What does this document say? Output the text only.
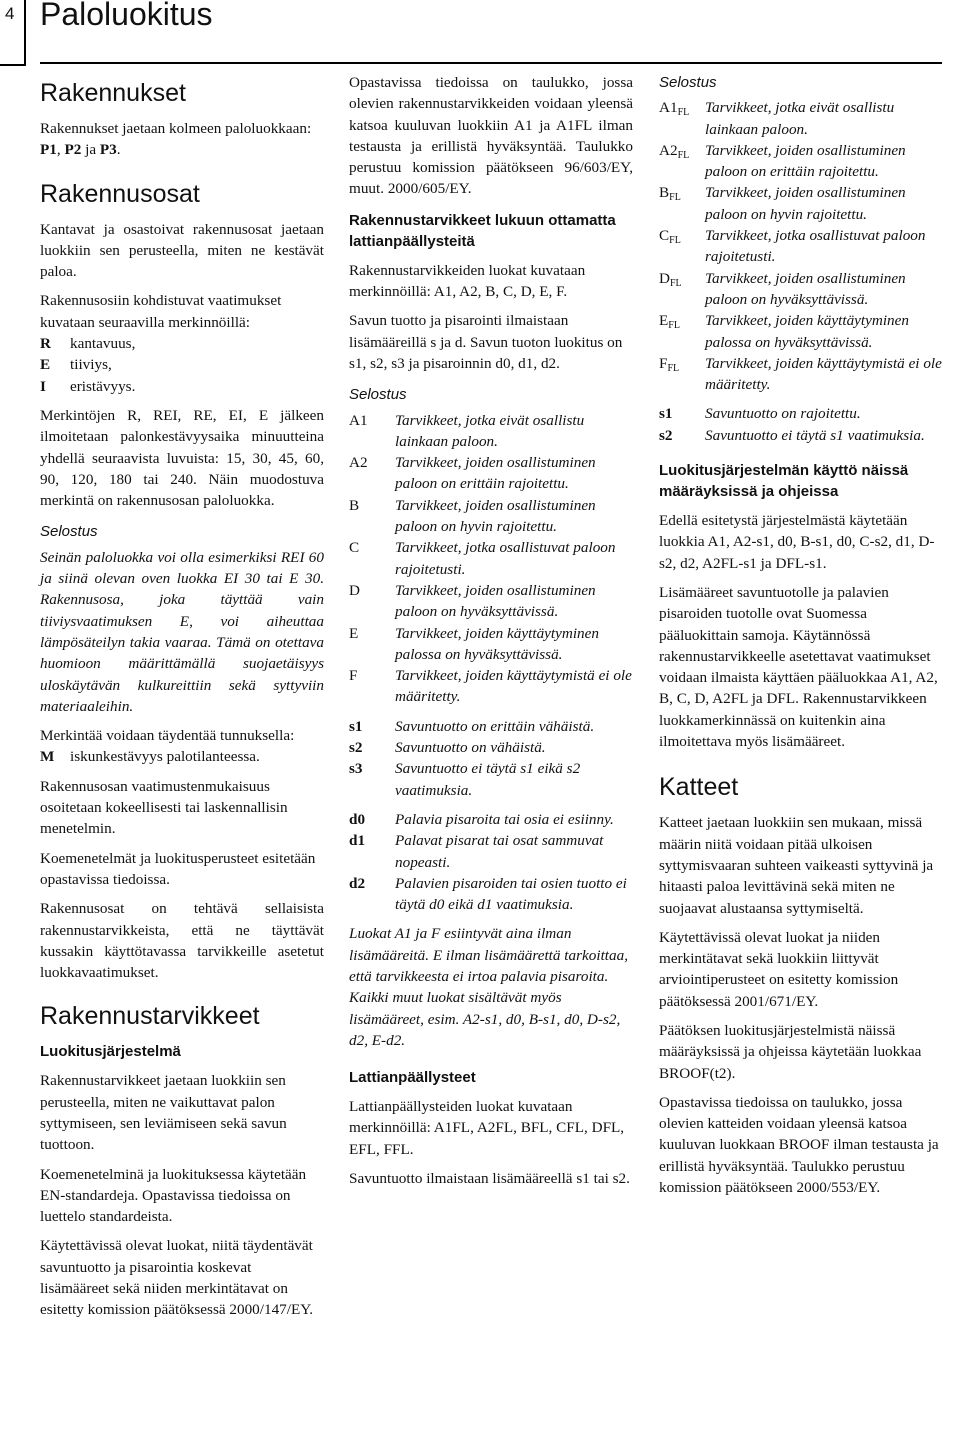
4 Paloluokitus
Rakennukset

Rakennukset jaetaan kolmeen paloluokkaan: P1, P2 ja P3.

Rakennusosat

Kantavat ja osastoivat rakennusosat jaetaan luokkiin sen perusteella, miten ne kestävät paloa.

Rakennusosiin kohdistuvat vaatimukset kuvataan seuraavilla merkinnöillä:

R	kantavuus,
E	tiiviys,
I	eristävyys.

Merkintöjen R, REI, RE, EI, E jälkeen ilmoitetaan palonkestävyysaika minuutteina yhdellä seuraavista luvuista: 15, 30, 45, 60, 90, 120, 180 tai 240. Näin muodostuva merkintä on rakennusosan paloluokka.

Selostus

Seinän paloluokka voi olla esimerkiksi REI 60 ja siinä olevan oven luokka EI 30 tai E 30. Rakennusosa, joka täyttää vain tiiviysvaatimuksen E, voi aiheuttaa lämpösäteilyn takia vaaraa. Tämä on otettava huomioon määrittämällä suojaetäisyys uloskäytävän kulkureittiin sekä syttyviin materiaaleihin.

Merkintää voidaan täydentää tunnuksella:

M	iskunkestävyys palotilanteessa.

Rakennusosan vaatimustenmukaisuus osoitetaan kokeellisesti tai laskennallisin menetelmin.

Koemenetelmät ja luokitusperusteet esitetään opastavissa tiedoissa.

Rakennusosat on tehtävä sellaisista rakennustarvikkeista, että ne täyttävät kussakin käyttötavassa tarvikkeille asetetut luokkavaatimukset.

Rakennustarvikkeet
Luokitusjärjestelmä

Rakennustarvikkeet jaetaan luokkiin sen perusteella, miten ne vaikuttavat palon syttymiseen, sen leviämiseen sekä savun tuottoon.

Koemenetelminä ja luokituksessa käytetään EN-standardeja. Opastavissa tiedoissa on luettelo standardeista.

Käytettävissä olevat luokat, niitä täydentävät savuntuotto ja pisarointia koskevat lisämääreet sekä niiden merkintätavat on esitetty komission päätöksessä 2000/147/EY.

Opastavissa tiedoissa on taulukko, jossa olevien rakennustarvikkeiden voidaan yleensä katsoa kuuluvan luokkiin A1 ja A1FL ilman testausta ja erillistä hyväksyntää. Taulukko perustuu komission päätökseen 96/603/EY, muut. 2000/605/EY.

Rakennustarvikkeet lukuun ottamatta lattianpäällysteitä

Rakennustarvikkeiden luokat kuvataan merkinnöillä: A1, A2, B, C, D, E, F.

Savun tuotto ja pisarointi ilmaistaan lisämääreillä s ja d. Savun tuoton luokitus on s1, s2, s3 ja pisaroinnin d0, d1, d2.

Selostus
A1	Tarvikkeet, jotka eivät osallistu lainkaan paloon.
A2	Tarvikkeet, joiden osallistuminen paloon on erittäin rajoitettu.
B	Tarvikkeet, joiden osallistuminen paloon on hyvin rajoitettu.
C	Tarvikkeet, jotka osallistuvat paloon rajoitetusti.
D	Tarvikkeet, joiden osallistuminen paloon on hyväksyttävissä.
E	Tarvikkeet, joiden käyttäytyminen palossa on hyväksyttävissä.
F	Tarvikkeet, joiden käyttäytymistä ei ole määritetty.
s1	Savuntuotto on erittäin vähäistä.
s2	Savuntuotto on vähäistä.
s3	Savuntuotto ei täytä s1 eikä s2 vaatimuksia.
d0	Palavia pisaroita tai osia ei esiinny.
d1	Palavat pisarat tai osat sammuvat nopeasti.
d2	Palavien pisaroiden tai osien tuotto ei täytä d0 eikä d1 vaatimuksia.

Luokat A1 ja F esiintyvät aina ilman lisämääreitä. E ilman lisämäärettä tarkoittaa, että tarvikkeesta ei irtoa palavia pisaroita. Kaikki muut luokat sisältävät myös lisämääreet, esim. A2-s1, d0, B-s1, d0, D-s2, d2, E-d2.

Lattianpäällysteet

Lattianpäällysteiden luokat kuvataan merkinnöillä: A1FL, A2FL, BFL, CFL, DFL, EFL, FFL.

Savuntuotto ilmaistaan lisämääreellä s1 tai s2.

Selostus
$A1_{FL}$	Tarvikkeet, jotka eivät osallistu lainkaan paloon.
$A2_{FL}$	Tarvikkeet, joiden osallistuminen paloon on erittäin rajoitettu.
$B_{FL}$	Tarvikkeet, joiden osallistuminen paloon on hyvin rajoitettu.
$C_{FL}$	Tarvikkeet, jotka osallistuvat paloon rajoitetusti.
$D_{FL}$	Tarvikkeet, joiden osallistuminen paloon on hyväksyttävissä.
$E_{FL}$	Tarvikkeet, joiden käyttäytyminen palossa on hyväksyttävissä.
$F_{FL}$	Tarvikkeet, joiden käyttäytymistä ei ole määritetty.
s1	Savuntuotto on rajoitettu.
s2	Savuntuotto ei täytä s1 vaatimuksia.
Luokitusjärjestelmän käyttö näissä määräyksissä ja ohjeissa

Edellä esitetystä järjestelmästä käytetään luokkia A1, A2-s1, d0, B-s1, d0, C-s2, d1, D-s2, d2, A2FL-s1 ja DFL-s1.

Lisämääreet savuntuotolle ja palavien pisaroiden tuotolle ovat Suomessa pääluokittain samoja. Käytännössä rakennustarvikkeelle asetettavat vaatimukset voidaan ilmaista käyttäen pääluokkaa A1, A2, B, C, D, A2FL ja DFL. Rakennustarvikkeen luokkamerkinnässä on kuitenkin aina ilmoitettava myös lisämääreet.

Katteet

Katteet jaetaan luokkiin sen mukaan, missä määrin niitä voidaan pitää ulkoisen syttymisvaaran suhteen vaikeasti syttyvinä ja hitaasti paloa levittävinä sekä miten ne suojaavat alustaansa syttymiseltä.

Käytettävissä olevat luokat ja niiden merkintätavat sekä luokkiin liittyvät arviointiperusteet on esitetty komission päätöksessä 2001/671/EY.

Päätöksen luokitusjärjestelmistä näissä määräyksissä ja ohjeissa käytetään luokkaa BROOF(t2).

Opastavissa tiedoissa on taulukko, jossa olevien katteiden voidaan yleensä katsoa kuuluvan luokkaan BROOF ilman testausta ja erillistä hyväksyntää. Taulukko perustuu komission päätökseen 2000/553/EY.
